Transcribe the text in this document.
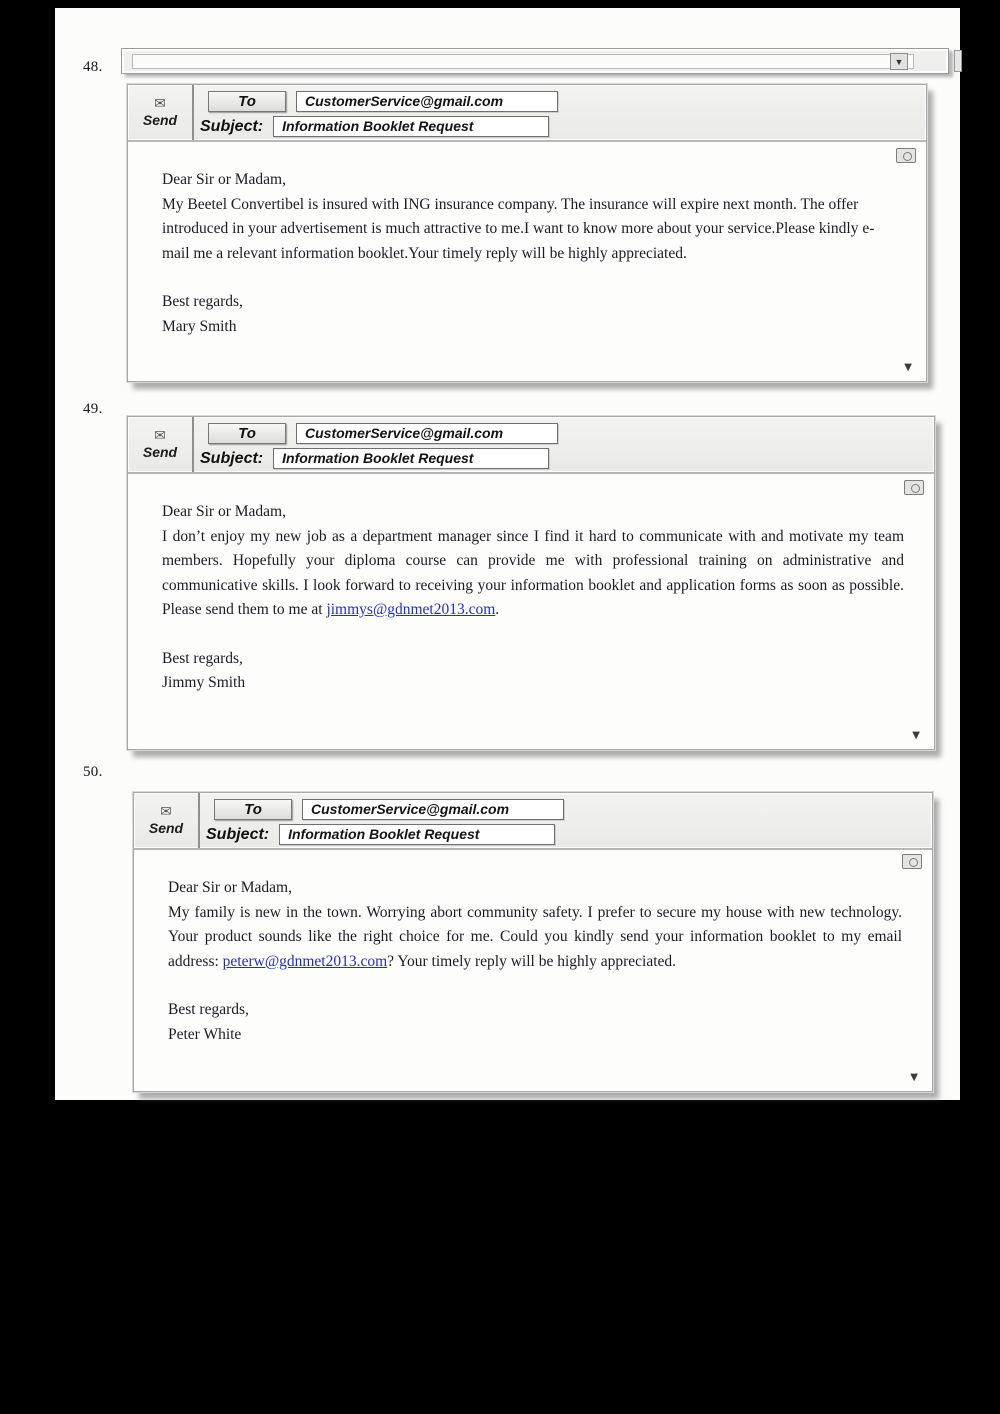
▼
48.
✉
Send
To	CustomerService@gmail.com
Subject:	Information Booklet Request

Dear Sir or Madam,

My Beetel Convertibel is insured with ING insurance company. The insurance will expire next month. The offer introduced in your advertisement is much attractive to me.I want to know more about your service.Please kindly e-mail me a relevant information booklet.Your timely reply will be highly appreciated.

Best regards,

Mary Smith

▼
49.
✉
Send
To	CustomerService@gmail.com
Subject:	Information Booklet Request

Dear Sir or Madam,

I don’t enjoy my new job as a department manager since I find it hard to communicate with and motivate my team members. Hopefully your diploma course can provide me with professional training on administrative and communicative skills. I look forward to receiving your information booklet and application forms as soon as possible. Please send them to me at jimmys@gdnmet2013.com.

Best regards,

Jimmy Smith

▼
50.
✉
Send
To	CustomerService@gmail.com
Subject:	Information Booklet Request

Dear Sir or Madam,

My family is new in the town. Worrying abort community safety. I prefer to secure my house with new technology. Your product sounds like the right choice for me. Could you kindly send your information booklet to my email address: peterw@gdnmet2013.com? Your timely reply will be highly appreciated.

Best regards,

Peter White

▼
